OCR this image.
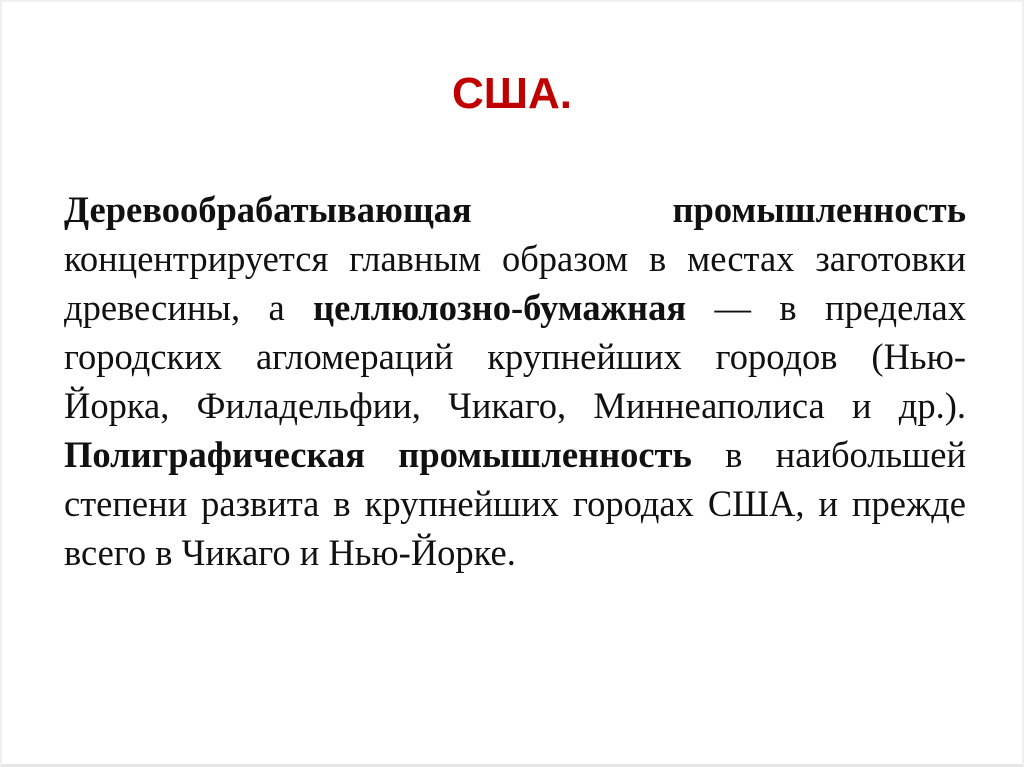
США.

Деревообрабатывающая промышленность концентрируется главным образом в местах заготовки древесины, а целлюлозно-бумажная — в пределах городских агломераций крупнейших городов (Нью-Йорка, Филадельфии, Чикаго, Миннеаполиса и др.). Полиграфическая промышленность в наибольшей степени развита в крупнейших городах США, и прежде всего в Чикаго и Нью-Йорке.
